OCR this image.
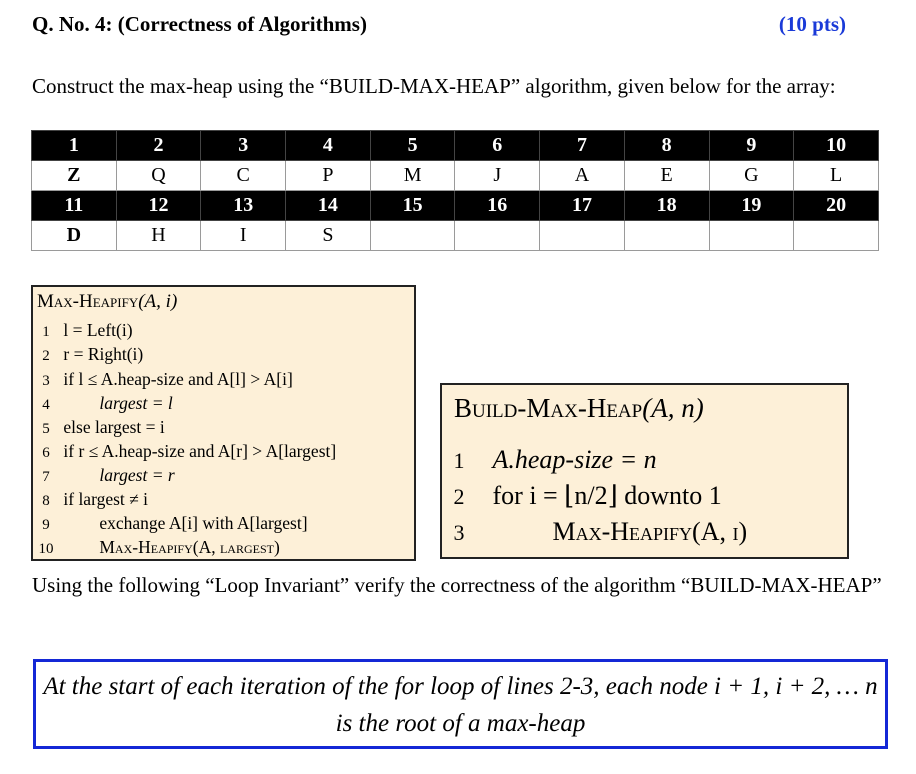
Q. No. 4: (Correctness of Algorithms)	(10 pts)
Construct the max-heap using the “BUILD-MAX-HEAP” algorithm, given below for the array:
1	2	3	4	5	6	7	8	9	10
Z	Q	C	P	M	J	A	E	G	L
11	12	13	14	15	16	17	18	19	20
D	H	I	S						
Max-Heapify(A, i)
1 l = Left(i)
2 r = Right(i)
3 if l ≤ A.heap-size and A[l] > A[i]
4	largest = l
5 else largest = i
6 if r ≤ A.heap-size and A[r] > A[largest]
7	largest = r
8 if largest ≠ i
9	exchange A[i] with A[largest]
10	Max-Heapify(A, largest)
Build-Max-Heap(A, n)
1 A.heap-size = n
2 for i = ⌊n/2⌋ downto 1
3	Max-Heapify(A, i)
Using the following “Loop Invariant” verify the correctness of the algorithm “BUILD-MAX-HEAP”
At the start of each iteration of the for loop of lines 2-3, each node i + 1, i + 2, … n is the root of a max-heap
